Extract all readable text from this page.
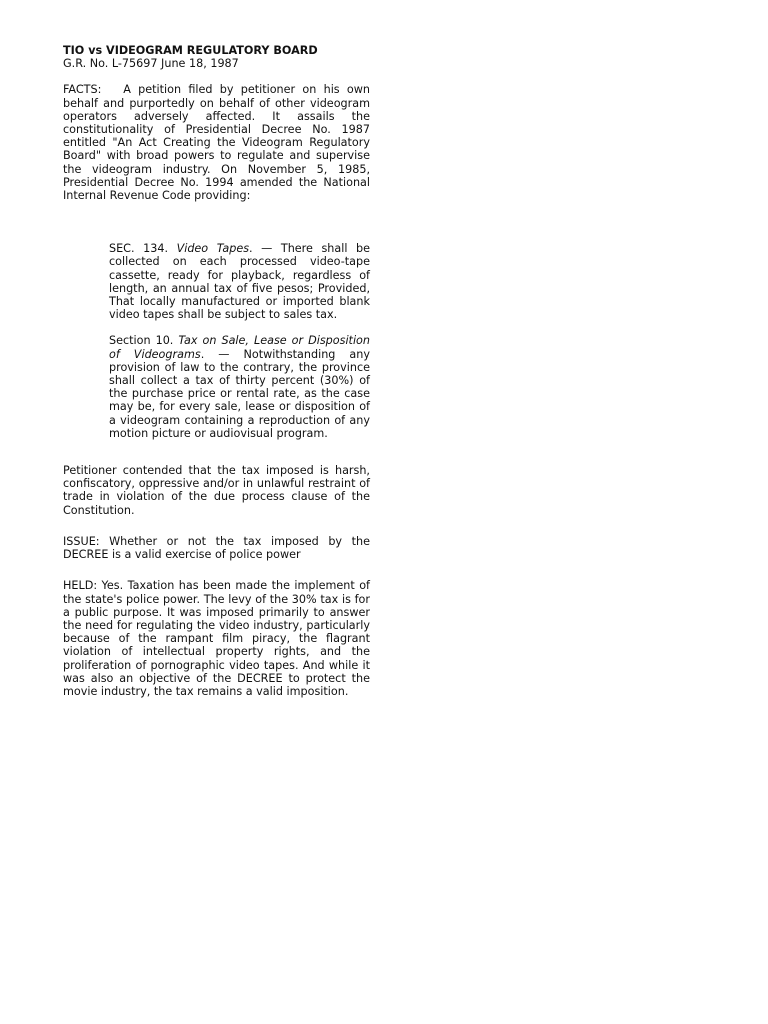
TIO vs VIDEOGRAM REGULATORY BOARD
G.R. No. L-75697 June 18, 1987

FACTS: A petition filed by petitioner on his own behalf and purportedly on behalf of other videogram operators adversely affected. It assails the constitutionality of Presidential Decree No. 1987 entitled "An Act Creating the Videogram Regulatory Board" with broad powers to regulate and supervise the videogram industry. On November 5, 1985, Presidential Decree No. 1994 amended the National Internal Revenue Code providing:

SEC. 134. Video Tapes. — There shall be collected on each processed video-tape cassette, ready for playback, regardless of length, an annual tax of five pesos; Provided, That locally manufactured or imported blank video tapes shall be subject to sales tax.

Section 10. Tax on Sale, Lease or Disposition of Videograms. — Notwithstanding any provision of law to the contrary, the province shall collect a tax of thirty percent (30%) of the purchase price or rental rate, as the case may be, for every sale, lease or disposition of a videogram containing a reproduction of any motion picture or audiovisual program.

Petitioner contended that the tax imposed is harsh, confiscatory, oppressive and/or in unlawful restraint of trade in violation of the due process clause of the Constitution.

ISSUE: Whether or not the tax imposed by the DECREE is a valid exercise of police power

HELD: Yes. Taxation has been made the implement of the state's police power. The levy of the 30% tax is for a public purpose. It was imposed primarily to answer the need for regulating the video industry, particularly because of the rampant film piracy, the flagrant violation of intellectual property rights, and the proliferation of pornographic video tapes. And while it was also an objective of the DECREE to protect the movie industry, the tax remains a valid imposition.
